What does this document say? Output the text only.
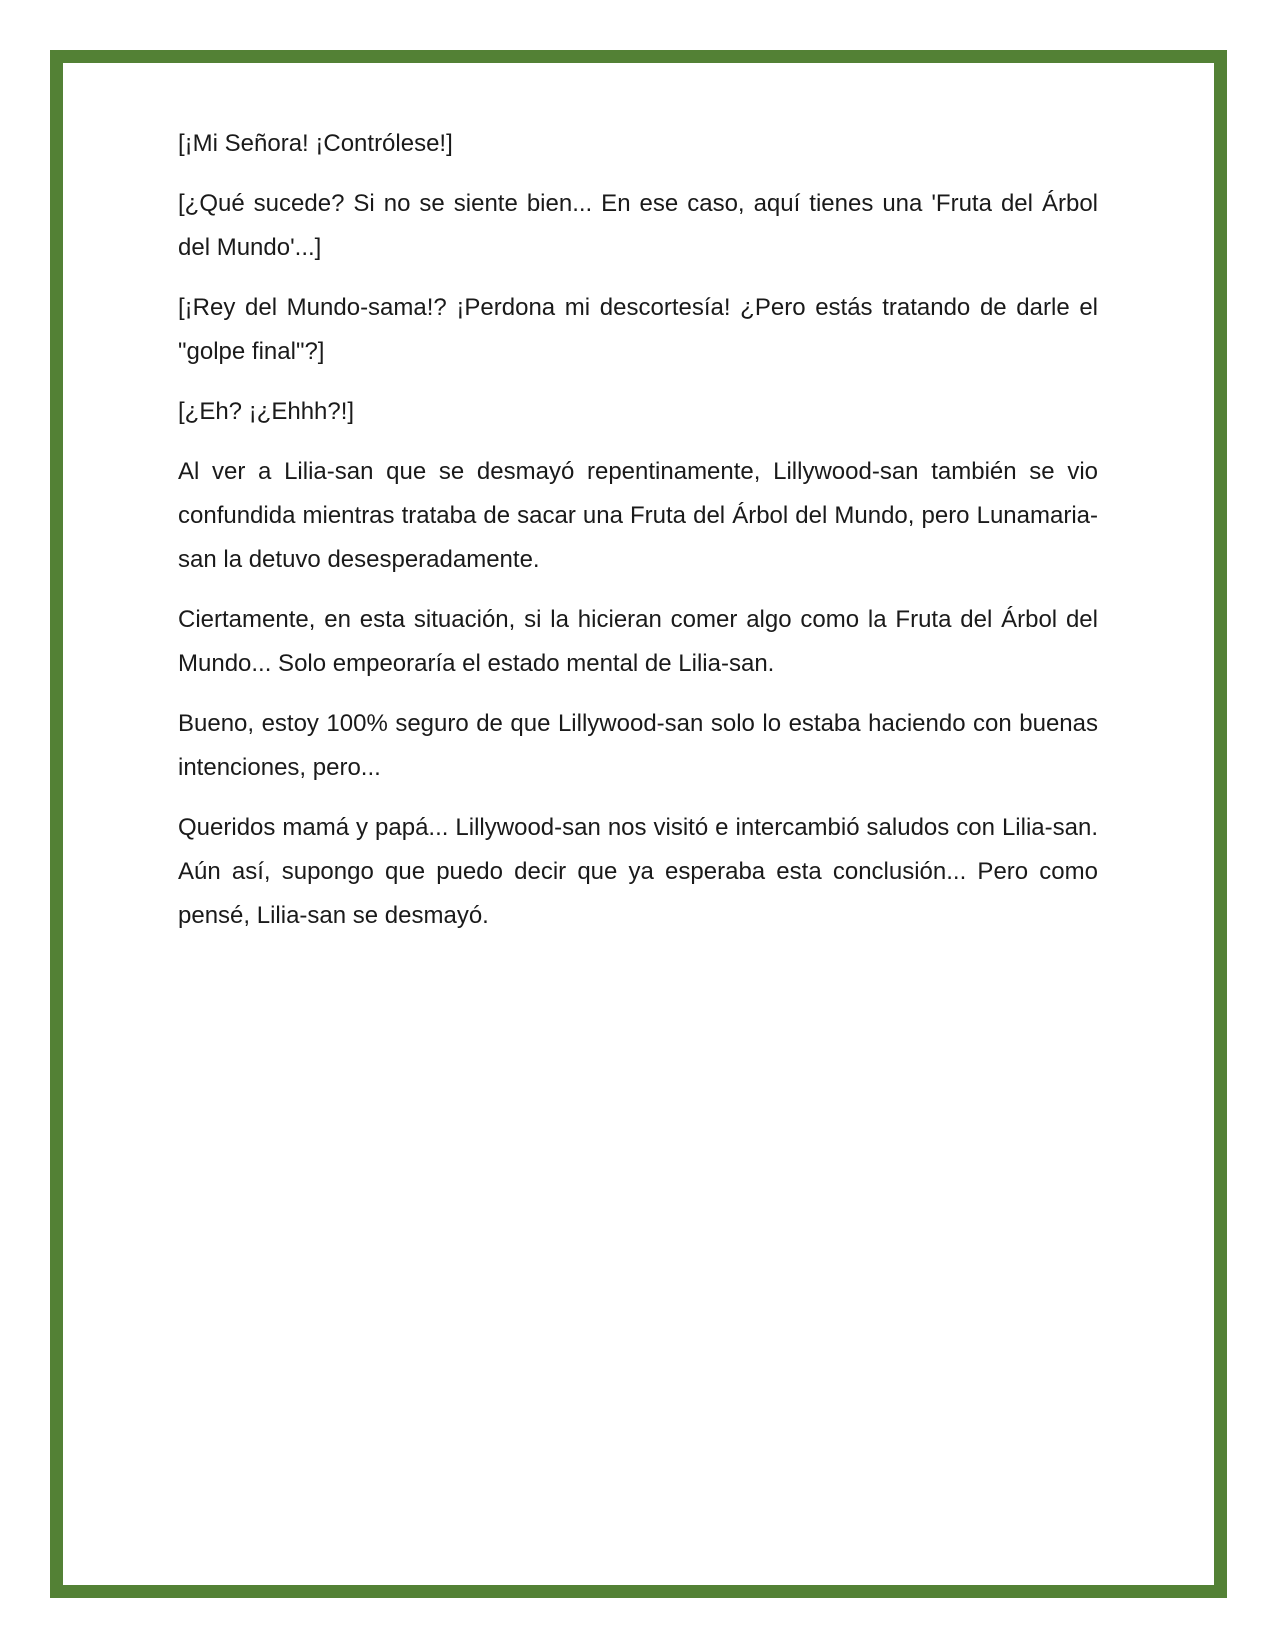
[¡Mi Señora! ¡Contrólese!]

[¿Qué sucede? Si no se siente bien... En ese caso, aquí tienes una 'Fruta del Árbol del Mundo'...]

[¡Rey del Mundo-sama!? ¡Perdona mi descortesía! ¿Pero estás tratando de darle el "golpe final"?]

[¿Eh? ¡¿Ehhh?!]

Al ver a Lilia-san que se desmayó repentinamente, Lillywood-san también se vio confundida mientras trataba de sacar una Fruta del Árbol del Mundo, pero Lunamaria-san la detuvo desesperadamente.

Ciertamente, en esta situación, si la hicieran comer algo como la Fruta del Árbol del Mundo... Solo empeoraría el estado mental de Lilia-san.

Bueno, estoy 100% seguro de que Lillywood-san solo lo estaba haciendo con buenas intenciones, pero...

Queridos mamá y papá... Lillywood-san nos visitó e intercambió saludos con Lilia-san. Aún así, supongo que puedo decir que ya esperaba esta conclusión... Pero como pensé, Lilia-san se desmayó.
